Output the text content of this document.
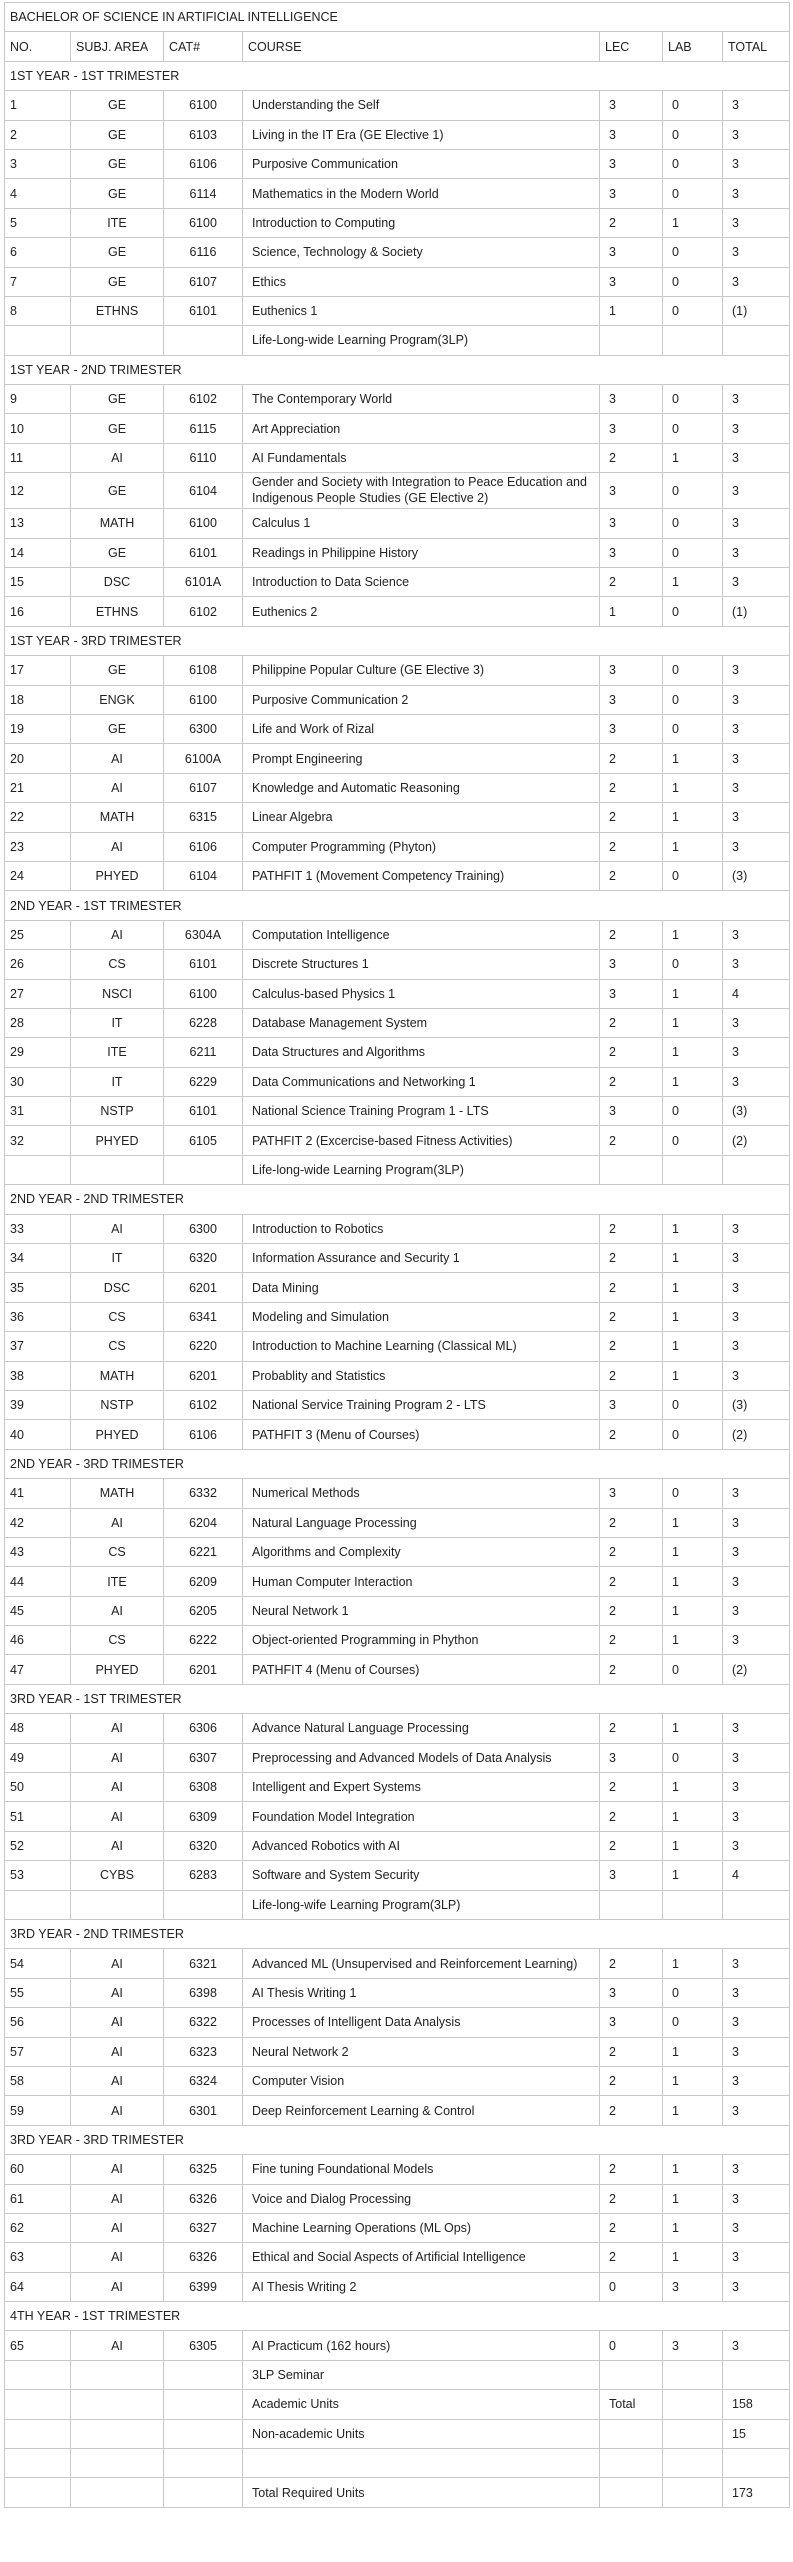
BACHELOR OF SCIENCE IN ARTIFICIAL INTELLIGENCE						
NO.	SUBJ. AREA	CAT#	COURSE	LEC	LAB	TOTAL
1ST YEAR - 1ST TRIMESTER						
1	GE	6100	Understanding the Self	3	0	3
2	GE	6103	Living in the IT Era (GE Elective 1)	3	0	3
3	GE	6106	Purposive Communication	3	0	3
4	GE	6114	Mathematics in the Modern World	3	0	3
5	ITE	6100	Introduction to Computing	2	1	3
6	GE	6116	Science, Technology & Society	3	0	3
7	GE	6107	Ethics	3	0	3
8	ETHNS	6101	Euthenics 1	1	0	(1)
			Life-Long-wide Learning Program(3LP)			
1ST YEAR - 2ND TRIMESTER						
9	GE	6102	The Contemporary World	3	0	3
10	GE	6115	Art Appreciation	3	0	3
11	AI	6110	AI Fundamentals	2	1	3
12	GE	6104	Gender and Society with Integration to Peace Education and Indigenous People Studies (GE Elective 2)	3	0	3
13	MATH	6100	Calculus 1	3	0	3
14	GE	6101	Readings in Philippine History	3	0	3
15	DSC	6101A	Introduction to Data Science	2	1	3
16	ETHNS	6102	Euthenics 2	1	0	(1)
1ST YEAR - 3RD TRIMESTER						
17	GE	6108	Philippine Popular Culture (GE Elective 3)	3	0	3
18	ENGK	6100	Purposive Communication 2	3	0	3
19	GE	6300	Life and Work of Rizal	3	0	3
20	AI	6100A	Prompt Engineering	2	1	3
21	AI	6107	Knowledge and Automatic Reasoning	2	1	3
22	MATH	6315	Linear Algebra	2	1	3
23	AI	6106	Computer Programming (Phyton)	2	1	3
24	PHYED	6104	PATHFIT 1 (Movement Competency Training)	2	0	(3)
2ND YEAR - 1ST TRIMESTER						
25	AI	6304A	Computation Intelligence	2	1	3
26	CS	6101	Discrete Structures 1	3	0	3
27	NSCI	6100	Calculus-based Physics 1	3	1	4
28	IT	6228	Database Management System	2	1	3
29	ITE	6211	Data Structures and Algorithms	2	1	3
30	IT	6229	Data Communications and Networking 1	2	1	3
31	NSTP	6101	National Science Training Program 1 - LTS	3	0	(3)
32	PHYED	6105	PATHFIT 2 (Excercise-based Fitness Activities)	2	0	(2)
			Life-long-wide Learning Program(3LP)			
2ND YEAR - 2ND TRIMESTER						
33	AI	6300	Introduction to Robotics	2	1	3
34	IT	6320	Information Assurance and Security 1	2	1	3
35	DSC	6201	Data Mining	2	1	3
36	CS	6341	Modeling and Simulation	2	1	3
37	CS	6220	Introduction to Machine Learning (Classical ML)	2	1	3
38	MATH	6201	Probablity and Statistics	2	1	3
39	NSTP	6102	National Service Training Program 2 - LTS	3	0	(3)
40	PHYED	6106	PATHFIT 3 (Menu of Courses)	2	0	(2)
2ND YEAR - 3RD TRIMESTER						
41	MATH	6332	Numerical Methods	3	0	3
42	AI	6204	Natural Language Processing	2	1	3
43	CS	6221	Algorithms and Complexity	2	1	3
44	ITE	6209	Human Computer Interaction	2	1	3
45	AI	6205	Neural Network 1	2	1	3
46	CS	6222	Object-oriented Programming in Phython	2	1	3
47	PHYED	6201	PATHFIT 4 (Menu of Courses)	2	0	(2)
3RD YEAR - 1ST TRIMESTER						
48	AI	6306	Advance Natural Language Processing	2	1	3
49	AI	6307	Preprocessing and Advanced Models of Data Analysis	3	0	3
50	AI	6308	Intelligent and Expert Systems	2	1	3
51	AI	6309	Foundation Model Integration	2	1	3
52	AI	6320	Advanced Robotics with AI	2	1	3
53	CYBS	6283	Software and System Security	3	1	4
			Life-long-wife Learning Program(3LP)			
3RD YEAR - 2ND TRIMESTER						
54	AI	6321	Advanced ML (Unsupervised and Reinforcement Learning)	2	1	3
55	AI	6398	AI Thesis Writing 1	3	0	3
56	AI	6322	Processes of Intelligent Data Analysis	3	0	3
57	AI	6323	Neural Network 2	2	1	3
58	AI	6324	Computer Vision	2	1	3
59	AI	6301	Deep Reinforcement Learning & Control	2	1	3
3RD YEAR - 3RD TRIMESTER						
60	AI	6325	Fine tuning Foundational Models	2	1	3
61	AI	6326	Voice and Dialog Processing	2	1	3
62	AI	6327	Machine Learning Operations (ML Ops)	2	1	3
63	AI	6326	Ethical and Social Aspects of Artificial Intelligence	2	1	3
64	AI	6399	AI Thesis Writing 2	0	3	3
4TH YEAR - 1ST TRIMESTER						
65	AI	6305	AI Practicum (162 hours)	0	3	3
			3LP Seminar			
			Academic Units	Total		158
			Non-academic Units			15

			Total Required Units			173
